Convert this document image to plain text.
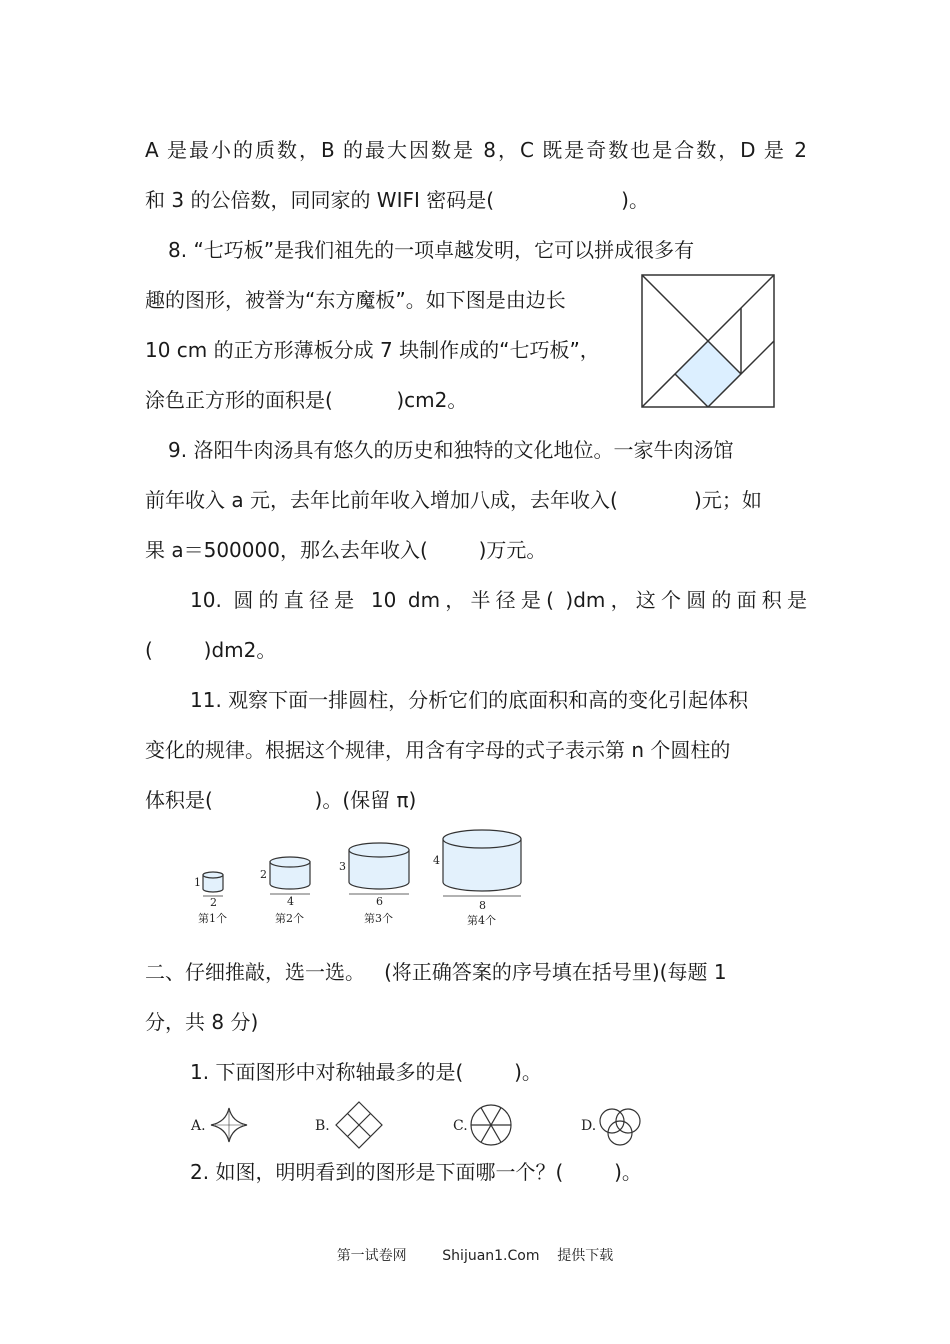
A 是最小的质数，B 的最大因数是 8，C 既是奇数也是合数，D 是 2
和 3 的公倍数，同同家的 WIFI 密码是(                    )。
8. “七巧板”是我们祖先的一项卓越发明，它可以拼成很多有
趣的图形，被誉为“东方魔板”。如下图是由边长
10 cm 的正方形薄板分成 7 块制作成的“七巧板”，
涂色正方形的面积是(          )cm2。
9. 洛阳牛肉汤具有悠久的历史和独特的文化地位。一家牛肉汤馆
前年收入 a 元，去年比前年收入增加八成，去年收入(            )元；如
果 a＝500000，那么去年收入(        )万元。
10. 圆的直径是 10 dm，半径是( )dm，这个圆的面积是
(        )dm2。
11. 观察下面一排圆柱，分析它们的底面积和高的变化引起体积
变化的规律。根据这个规律，用含有字母的式子表示第 n 个圆柱的
体积是(                )。(保留 π)
1
2
第1个
2
4
第2个
3
6
第3个
4
8
第4个
二、仔细推敲，选一选。   (将正确答案的序号填在括号里)(每题 1
分，共 8 分)
1. 下面图形中对称轴最多的是(        )。
A.	B.	C.	D.
2. 如图，明明看到的图形是下面哪一个？(        )。
第一试卷网        Shijuan1.Com    提供下载
